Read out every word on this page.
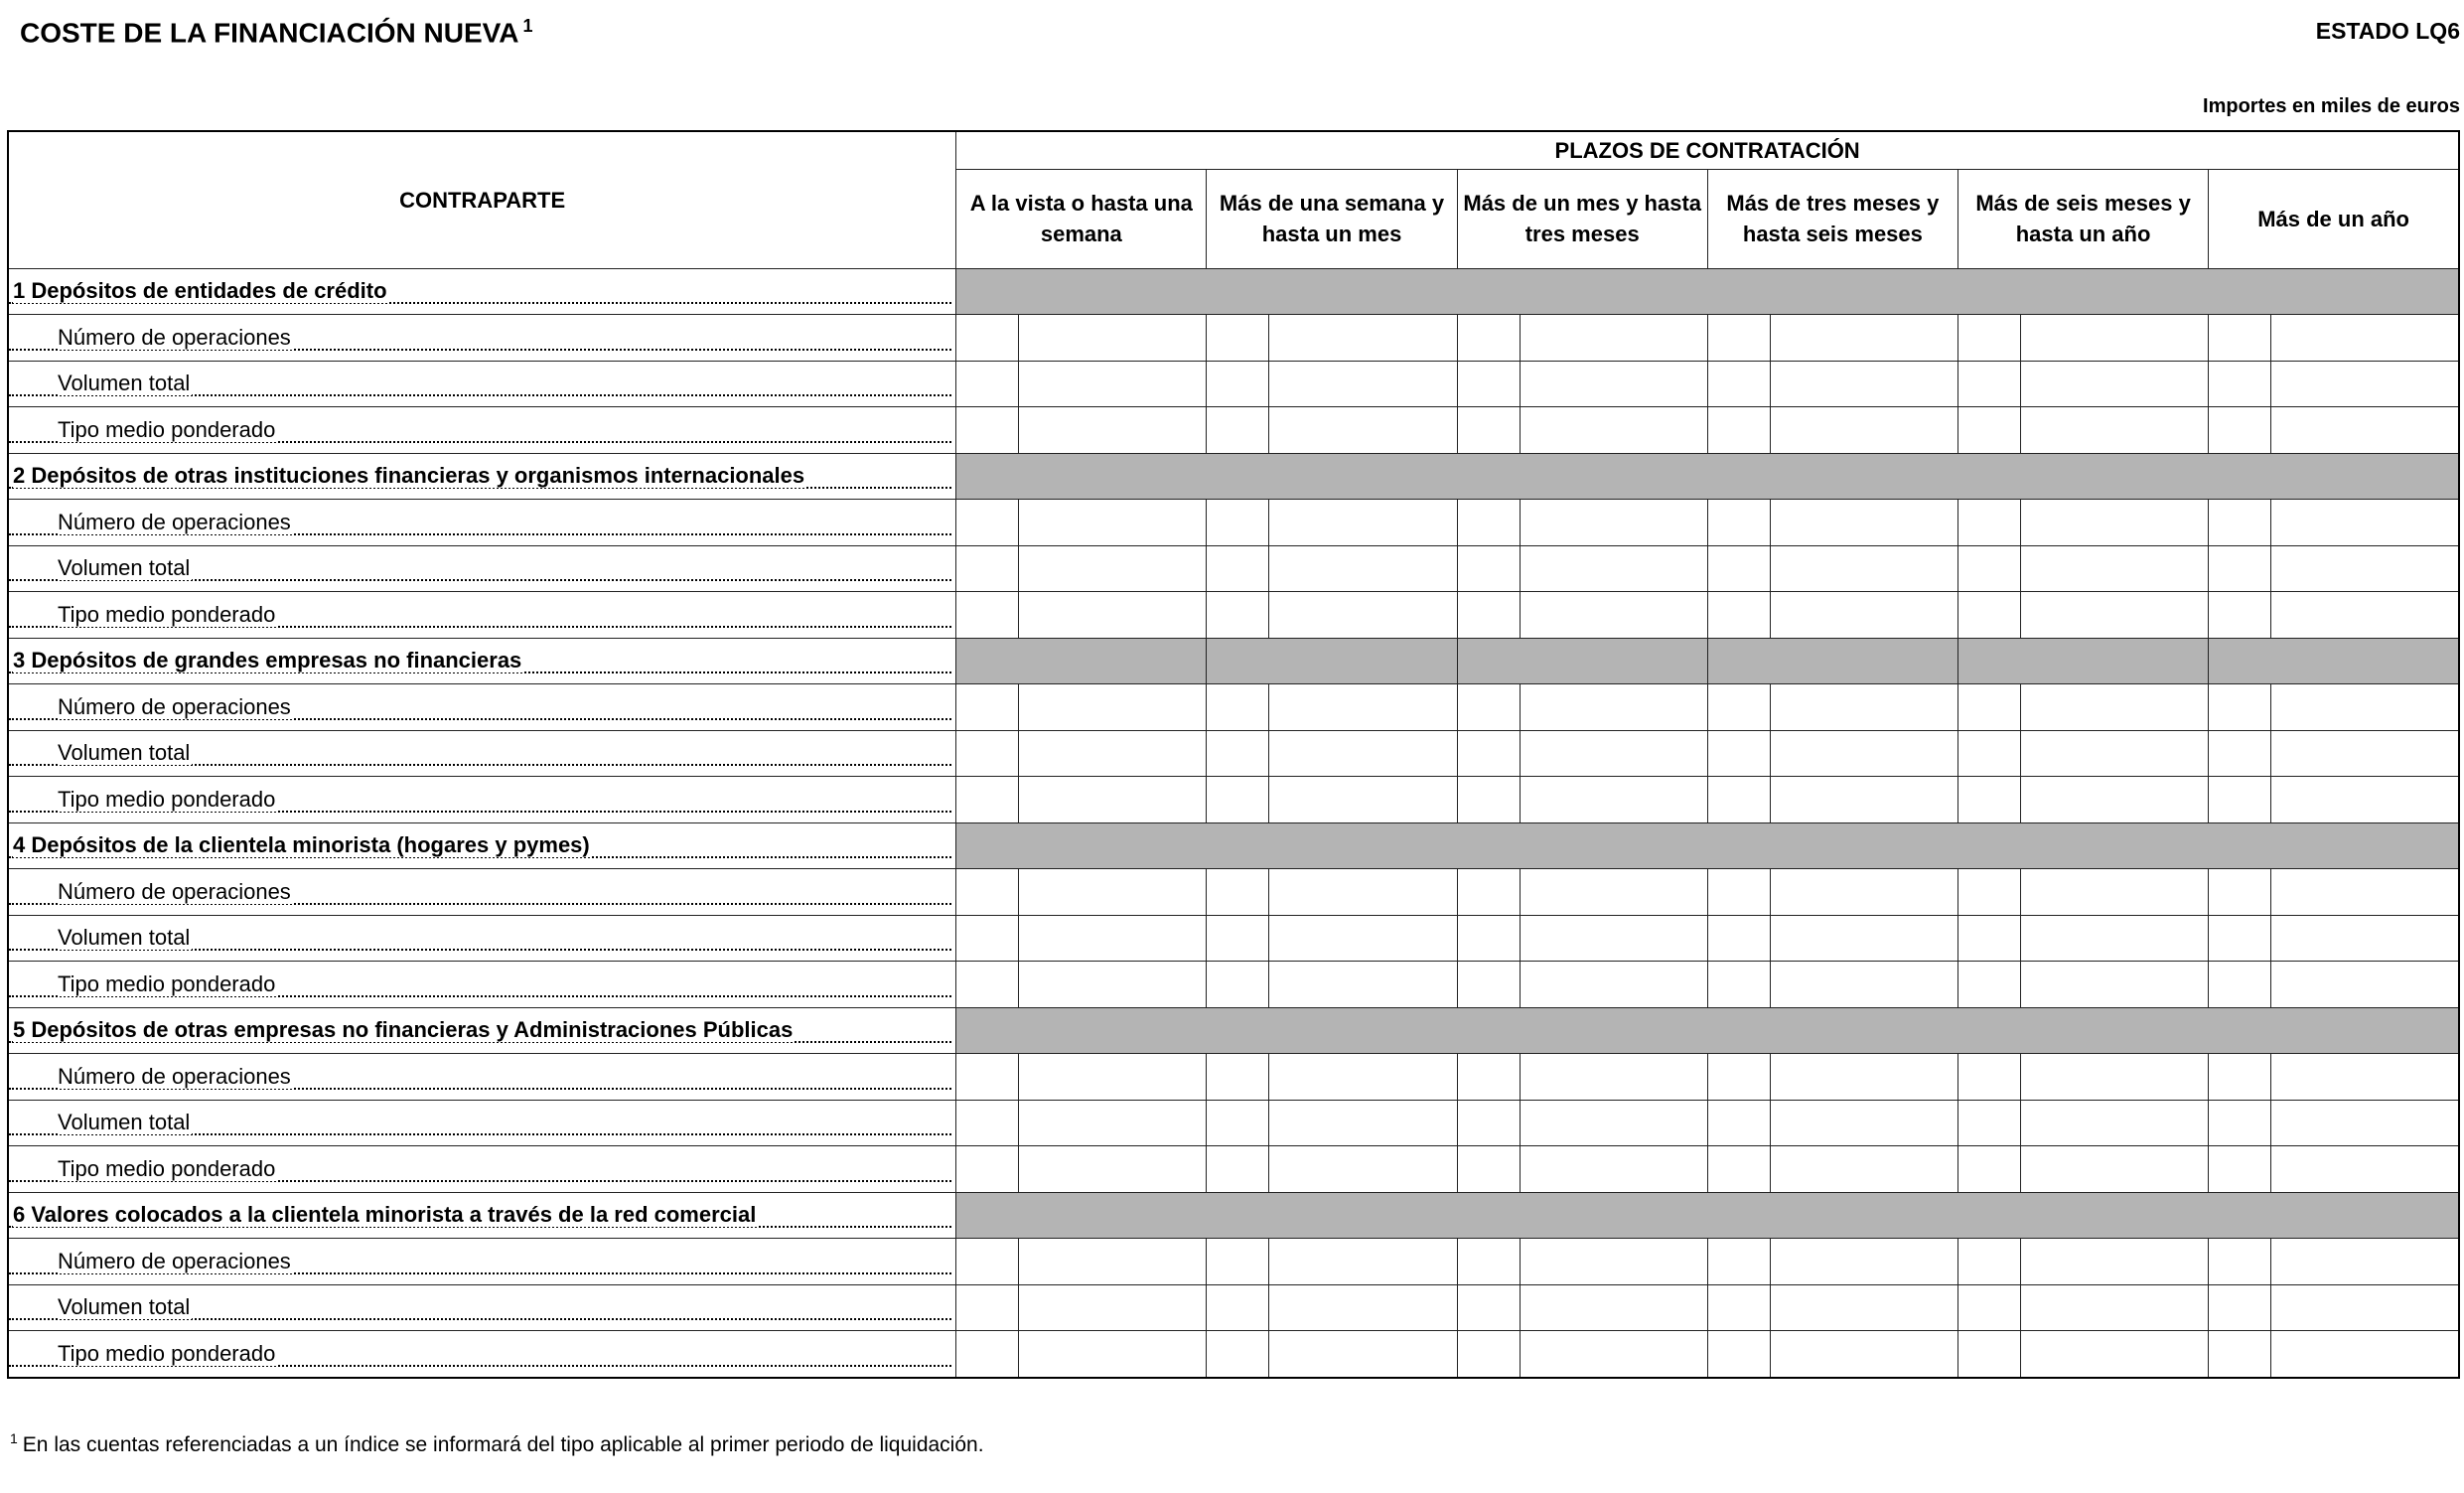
COSTE DE LA FINANCIACIÓN NUEVA $^1$	ESTADO LQ6
Importes en miles de euros
CONTRAPARTE	PLAZOS DE CONTRATACIÓN											
	A la vista o hasta una semana		Más de una semana y hasta un mes		Más de un mes y hasta tres meses		Más de tres meses y hasta seis meses		Más de seis meses y hasta un año		Más de un año	

1 Depósitos de entidades de crédito												

Número de operaciones												

Volumen total												

Tipo medio ponderado												

2 Depósitos de otras instituciones financieras y organismos internacionales												

Número de operaciones												

Volumen total												

Tipo medio ponderado												

3 Depósitos de grandes empresas no financieras												

Número de operaciones												

Volumen total												

Tipo medio ponderado												

4 Depósitos de la clientela minorista (hogares y pymes)												

Número de operaciones												

Volumen total												

Tipo medio ponderado												

5 Depósitos de otras empresas no financieras y Administraciones Públicas												

Número de operaciones												

Volumen total												

Tipo medio ponderado												

6 Valores colocados a la clientela minorista a través de la red comercial												

Número de operaciones												

Volumen total												

Tipo medio ponderado												
$^1$ En las cuentas referenciadas a un índice se informará del tipo aplicable al primer periodo de liquidación.
